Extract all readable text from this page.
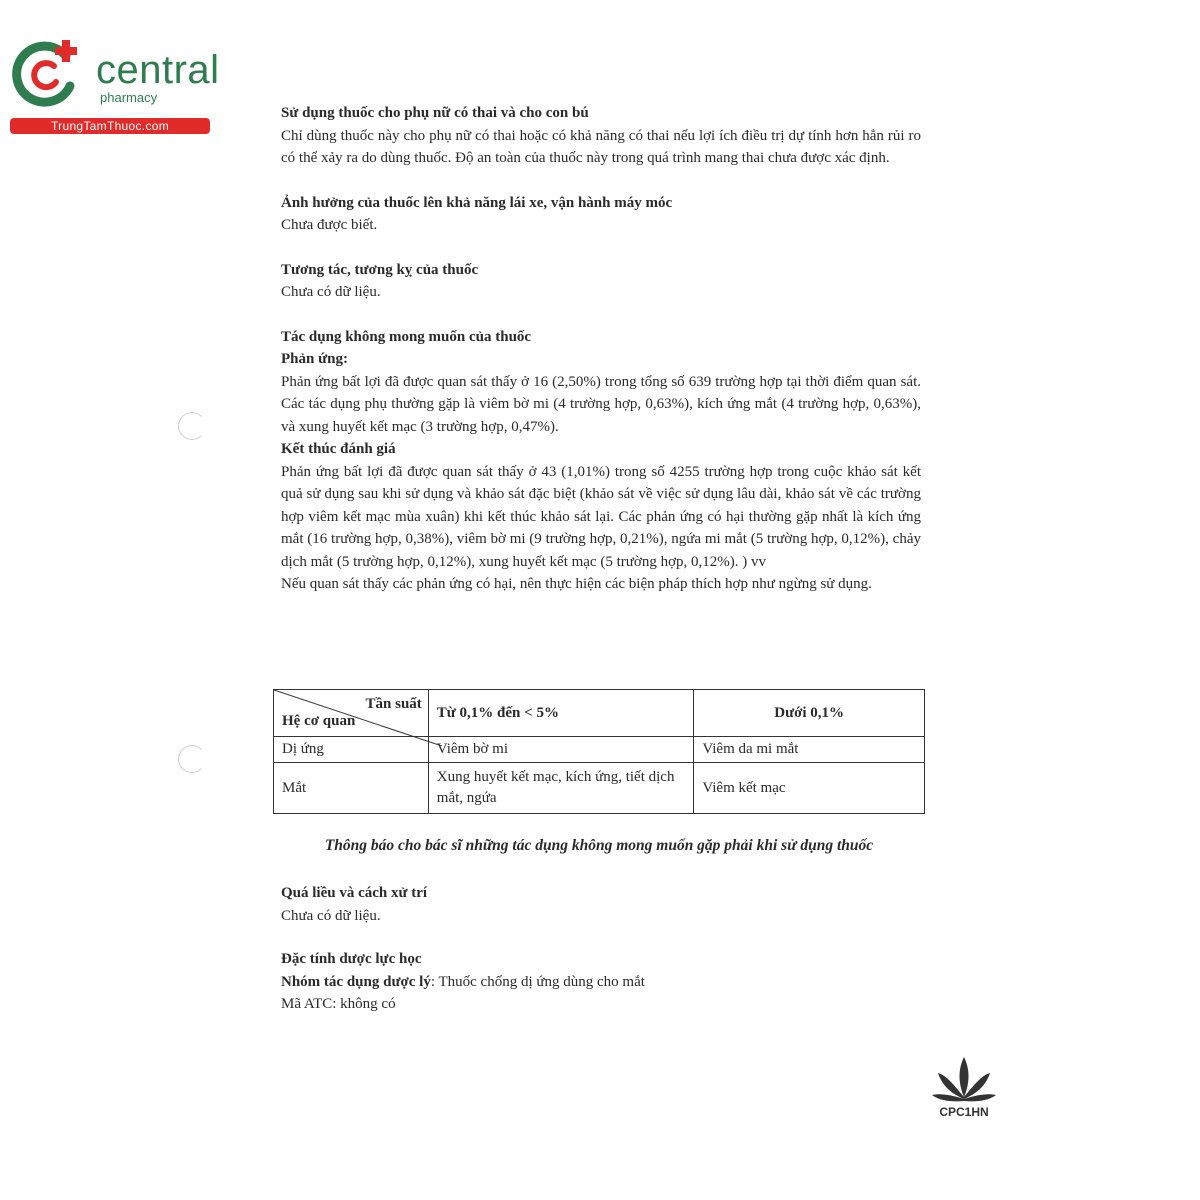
central
pharmacy
TrungTamThuoc.com

Sử dụng thuốc cho phụ nữ có thai và cho con bú

Chỉ dùng thuốc này cho phụ nữ có thai hoặc có khả năng có thai nếu lợi ích điều trị dự tính hơn hẳn rủi ro có thể xảy ra do dùng thuốc. Độ an toàn của thuốc này trong quá trình mang thai chưa được xác định.

Ảnh hưởng của thuốc lên khả năng lái xe, vận hành máy móc

Chưa được biết.

Tương tác, tương kỵ của thuốc

Chưa có dữ liệu.

Tác dụng không mong muốn của thuốc

Phản ứng:

Phản ứng bất lợi đã được quan sát thấy ở 16 (2,50%) trong tổng số 639 trường hợp tại thời điểm quan sát. Các tác dụng phụ thường gặp là viêm bờ mi (4 trường hợp, 0,63%), kích ứng mắt (4 trường hợp, 0,63%), và xung huyết kết mạc (3 trường hợp, 0,47%).

Kết thúc đánh giá

Phản ứng bất lợi đã được quan sát thấy ở 43 (1,01%) trong số 4255 trường hợp trong cuộc khảo sát kết quả sử dụng sau khi sử dụng và khảo sát đặc biệt (khảo sát về việc sử dụng lâu dài, khảo sát về các trường hợp viêm kết mạc mùa xuân) khi kết thúc khảo sát lại. Các phản ứng có hại thường gặp nhất là kích ứng mắt (16 trường hợp, 0,38%), viêm bờ mi (9 trường hợp, 0,21%), ngứa mi mắt (5 trường hợp, 0,12%), chảy dịch mắt (5 trường hợp, 0,12%), xung huyết kết mạc (5 trường hợp, 0,12%). ) vv

Nếu quan sát thấy các phản ứng có hại, nên thực hiện các biện pháp thích hợp như ngừng sử dụng.

Tần suất
Hệ cơ quan	Từ 0,1% đến < 5%	Dưới 0,1%
Dị ứng	Viêm bờ mi	Viêm da mi mắt
Mắt	Xung huyết kết mạc, kích ứng, tiết dịch mắt, ngứa	Viêm kết mạc
Thông báo cho bác sĩ những tác dụng không mong muốn gặp phải khi sử dụng thuốc

Quá liều và cách xử trí

Chưa có dữ liệu.

Đặc tính dược lực học

Nhóm tác dụng dược lý: Thuốc chống dị ứng dùng cho mắt

Mã ATC: không có

CPC1HN
